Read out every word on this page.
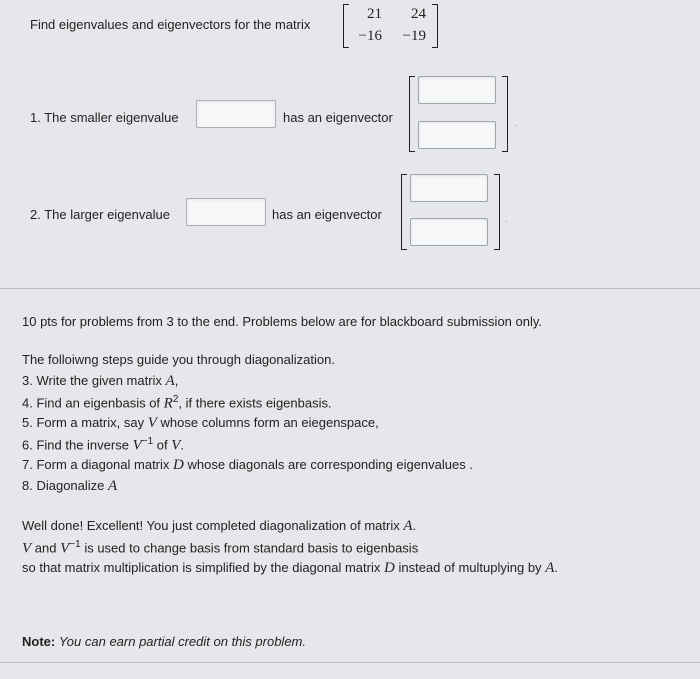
Find eigenvalues and eigenvectors for the matrix
21	24
−16	−19
1. The smaller eigenvalue	has an eigenvector	.
2. The larger eigenvalue	has an eigenvector	.
10 pts for problems from 3 to the end. Problems below are for blackboard submission only.
The folloiwng steps guide you through diagonalization.
3. Write the given matrix A,
4. Find an eigenbasis of $R^2$, if there exists eigenbasis.
5. Form a matrix, say V whose columns form an eiegenspace,
6. Find the inverse $V^{-1}$ of V.
7. Form a diagonal matrix D whose diagonals are corresponding eigenvalues .
8. Diagonalize A
Well done! Excellent! You just completed diagonalization of matrix A.
V and $V^{-1}$ is used to change basis from standard basis to eigenbasis
so that matrix multiplication is simplified by the diagonal matrix D instead of multuplying by A.
Note: You can earn partial credit on this problem.
